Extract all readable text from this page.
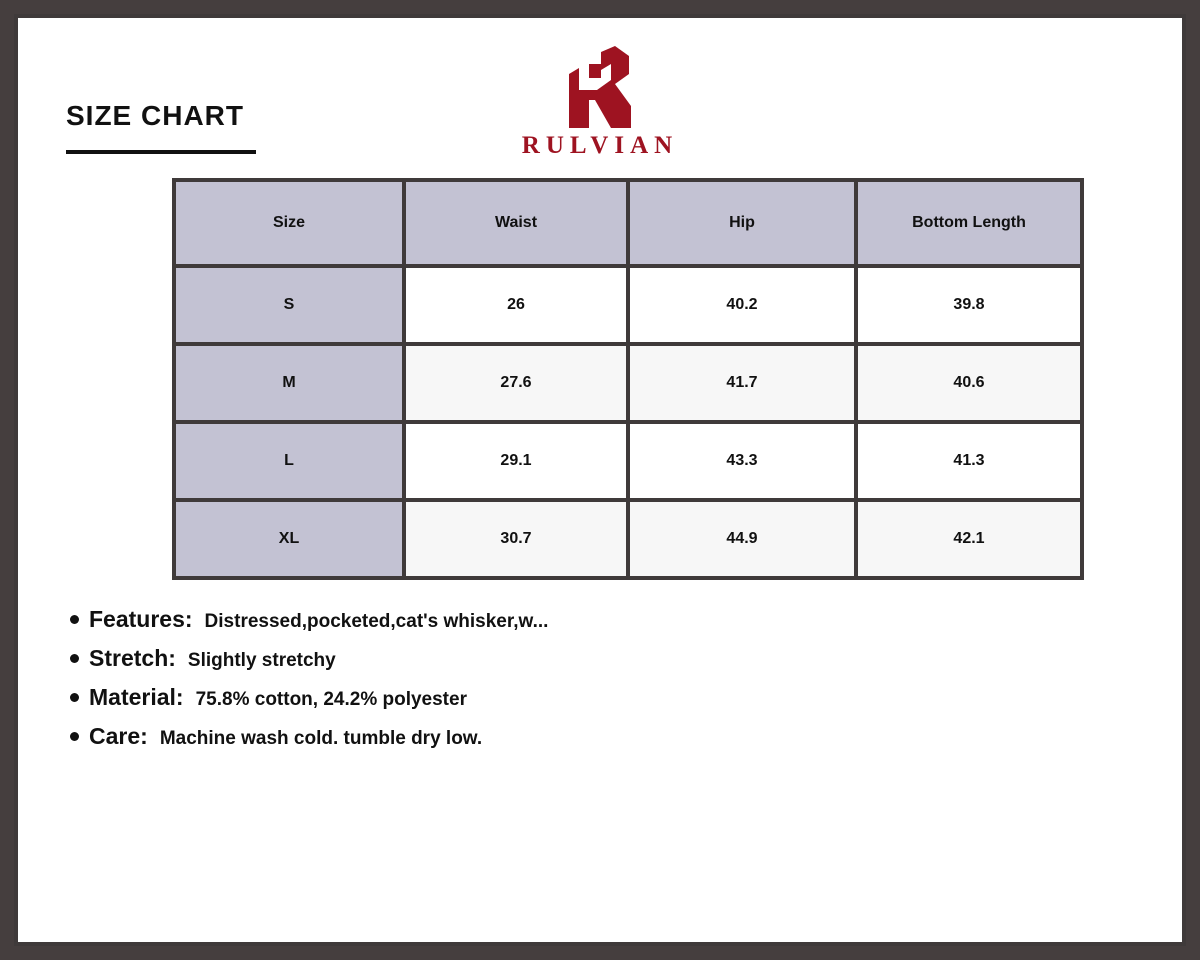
SIZE CHART
RULVIAN
Size	Waist	Hip	Bottom Length
S	26	40.2	39.8
M	27.6	41.7	40.6
L	29.1	43.3	41.3
XL	30.7	44.9	42.1
Features: Distressed,pocketed,cat's whisker,w...
Stretch: Slightly stretchy
Material: 75.8% cotton, 24.2% polyester
Care: Machine wash cold. tumble dry low.
